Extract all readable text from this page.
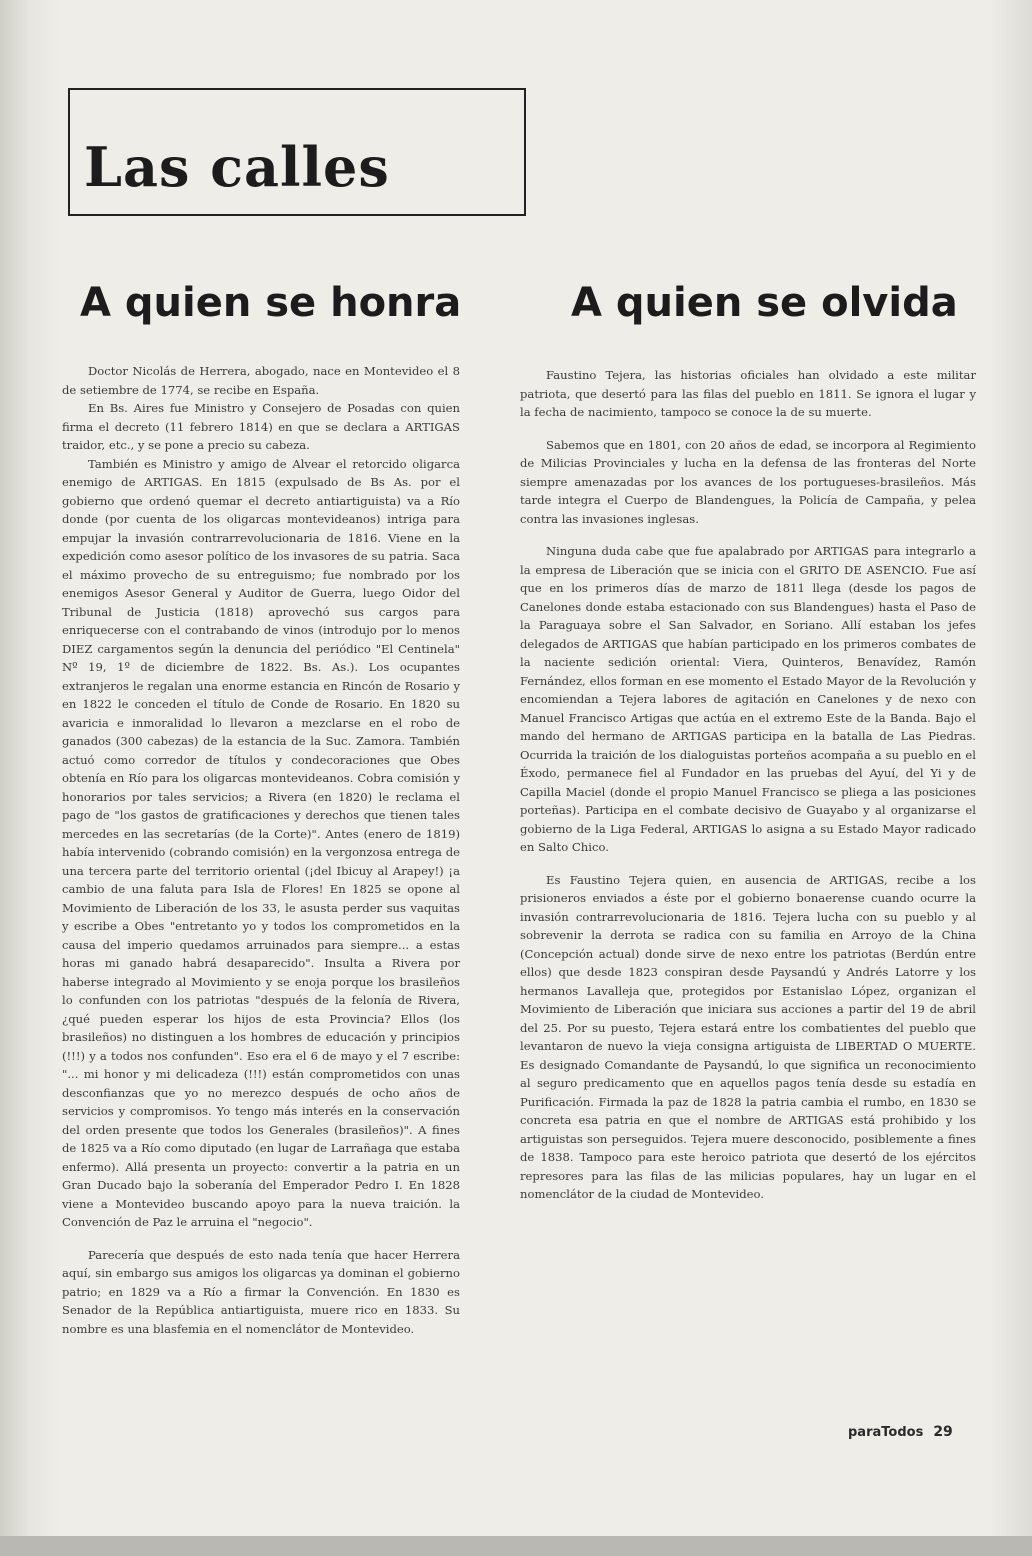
Las calles
A quien se honra	A quien se olvida

Doctor Nicolás de Herrera, abogado, nace en Montevideo el 8 de setiembre de 1774, se recibe en España.

En Bs. Aires fue Ministro y Consejero de Posadas con quien firma el decreto (11 febrero 1814) en que se declara a ARTIGAS traidor, etc., y se pone a precio su cabeza.

También es Ministro y amigo de Alvear el retorcido oligarca enemigo de ARTIGAS. En 1815 (expulsado de Bs As. por el gobierno que ordenó quemar el decreto antiartiguista) va a Río donde (por cuenta de los oligarcas montevideanos) intriga para empujar la invasión contrarrevolucionaria de 1816. Viene en la expedición como asesor político de los invasores de su patria. Saca el máximo provecho de su entreguismo; fue nombrado por los enemigos Asesor General y Auditor de Guerra, luego Oidor del Tribunal de Justicia (1818) aprovechó sus cargos para enriquecerse con el contrabando de vinos (introdujo por lo menos DIEZ cargamentos según la denuncia del periódico "El Centinela" Nº 19, 1º de diciembre de 1822. Bs. As.). Los ocupantes extranjeros le regalan una enorme estancia en Rincón de Rosario y en 1822 le conceden el título de Conde de Rosario. En 1820 su avaricia e inmoralidad lo llevaron a mezclarse en el robo de ganados (300 cabezas) de la estancia de la Suc. Zamora. También actuó como corredor de títulos y condecoraciones que Obes obtenía en Río para los oligarcas montevideanos. Cobra comisión y honorarios por tales servicios; a Rivera (en 1820) le reclama el pago de "los gastos de gratificaciones y derechos que tienen tales mercedes en las secretarías (de la Corte)". Antes (enero de 1819) había intervenido (cobrando comisión) en la vergonzosa entrega de una tercera parte del territorio oriental (¡del Ibicuy al Arapey!) ¡a cambio de una faluta para Isla de Flores! En 1825 se opone al Movimiento de Liberación de los 33, le asusta perder sus vaquitas y escribe a Obes "entretanto yo y todos los comprometidos en la causa del imperio quedamos arruinados para siempre... a estas horas mi ganado habrá desaparecido". Insulta a Rivera por haberse integrado al Movimiento y se enoja porque los brasileños lo confunden con los patriotas "después de la felonía de Rivera, ¿qué pueden esperar los hijos de esta Provincia? Ellos (los brasileños) no distinguen a los hombres de educación y principios (!!!) y a todos nos confunden". Eso era el 6 de mayo y el 7 escribe: "... mi honor y mi delicadeza (!!!) están comprometidos con unas desconfianzas que yo no merezco después de ocho años de servicios y compromisos. Yo tengo más interés en la conservación del orden presente que todos los Generales (brasileños)". A fines de 1825 va a Río como diputado (en lugar de Larrañaga que estaba enfermo). Allá presenta un proyecto: convertir a la patria en un Gran Ducado bajo la soberanía del Emperador Pedro I. En 1828 viene a Montevideo buscando apoyo para la nueva traición. la Convención de Paz le arruina el "negocio".

Parecería que después de esto nada tenía que hacer Herrera aquí, sin embargo sus amigos los oligarcas ya dominan el gobierno patrio; en 1829 va a Río a firmar la Convención. En 1830 es Senador de la República antiartiguista, muere rico en 1833. Su nombre es una blasfemia en el nomenclátor de Montevideo.

Faustino Tejera, las historias oficiales han olvidado a este militar patriota, que desertó para las filas del pueblo en 1811. Se ignora el lugar y la fecha de nacimiento, tampoco se conoce la de su muerte.

Sabemos que en 1801, con 20 años de edad, se incorpora al Regimiento de Milicias Provinciales y lucha en la defensa de las fronteras del Norte siempre amenazadas por los avances de los portugueses-brasileños. Más tarde integra el Cuerpo de Blandengues, la Policía de Campaña, y pelea contra las invasiones inglesas.

Ninguna duda cabe que fue apalabrado por ARTIGAS para integrarlo a la empresa de Liberación que se inicia con el GRITO DE ASENCIO. Fue así que en los primeros días de marzo de 1811 llega (desde los pagos de Canelones donde estaba estacionado con sus Blandengues) hasta el Paso de la Paraguaya sobre el San Salvador, en Soriano. Allí estaban los jefes delegados de ARTIGAS que habían participado en los primeros combates de la naciente sedición oriental: Viera, Quinteros, Benavídez, Ramón Fernández, ellos forman en ese momento el Estado Mayor de la Revolución y encomiendan a Tejera labores de agitación en Canelones y de nexo con Manuel Francisco Artigas que actúa en el extremo Este de la Banda. Bajo el mando del hermano de ARTIGAS participa en la batalla de Las Piedras. Ocurrida la traición de los dialoguistas porteños acompaña a su pueblo en el Éxodo, permanece fiel al Fundador en las pruebas del Ayuí, del Yi y de Capilla Maciel (donde el propio Manuel Francisco se pliega a las posiciones porteñas). Participa en el combate decisivo de Guayabo y al organizarse el gobierno de la Liga Federal, ARTIGAS lo asigna a su Estado Mayor radicado en Salto Chico.

Es Faustino Tejera quien, en ausencia de ARTIGAS, recibe a los prisioneros enviados a éste por el gobierno bonaerense cuando ocurre la invasión contrarrevolucionaria de 1816. Tejera lucha con su pueblo y al sobrevenir la derrota se radica con su familia en Arroyo de la China (Concepción actual) donde sirve de nexo entre los patriotas (Berdún entre ellos) que desde 1823 conspiran desde Paysandú y Andrés Latorre y los hermanos Lavalleja que, protegidos por Estanislao López, organizan el Movimiento de Liberación que iniciara sus acciones a partir del 19 de abril del 25. Por su puesto, Tejera estará entre los combatientes del pueblo que levantaron de nuevo la vieja consigna artiguista de LIBERTAD O MUERTE. Es designado Comandante de Paysandú, lo que significa un reconocimiento al seguro predicamento que en aquellos pagos tenía desde su estadía en Purificación. Firmada la paz de 1828 la patria cambia el rumbo, en 1830 se concreta esa patria en que el nombre de ARTIGAS está prohibido y los artiguistas son perseguidos. Tejera muere desconocido, posiblemente a fines de 1838. Tampoco para este heroico patriota que desertó de los ejércitos represores para las filas de las milicias populares, hay un lugar en el nomenclátor de la ciudad de Montevideo.

paraTodos 29
